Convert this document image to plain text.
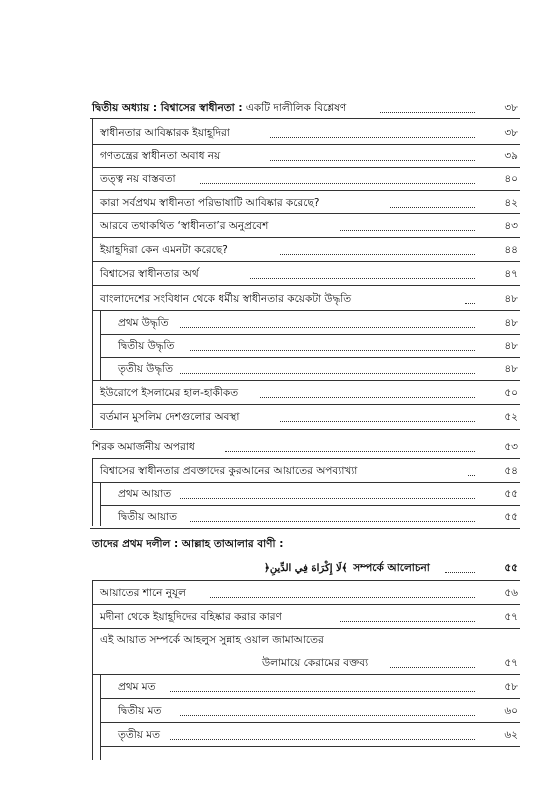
দ্বিতীয় অধ্যায় : বিশ্বাসের স্বাধীনতা : একটি দালীলিক বিশ্লেষণ	৩৮
স্বাধীনতার আবিষ্কারক ইয়াহূদিরা	৩৮
গণতন্ত্রের স্বাধীনতা অবাধ নয়	৩৯
তত্ত্ব নয় বাস্তবতা	৪০
কারা সর্বপ্রথম স্বাধীনতা পরিভাষাটি আবিষ্কার করেছে?	৪২
আরবে তথাকথিত ‘স্বাধীনতা’র অনুপ্রবেশ	৪৩
ইয়াহূদিরা কেন এমনটা করেছে?	৪৪
বিশ্বাসের স্বাধীনতার অর্থ	৪৭
বাংলাদেশের সংবিধান থেকে ধর্মীয় স্বাধীনতার কয়েকটা উদ্ধৃতি	৪৮
প্রথম উদ্ধৃতি	৪৮
দ্বিতীয় উদ্ধৃতি	৪৮
তৃতীয় উদ্ধৃতি	৪৮
ইউরোপে ইসলামের হাল-হাকীকত	৫০
বর্তমান মুসলিম দেশগুলোর অবস্থা	৫২
শিরক অমার্জনীয় অপরাধ	৫৩
বিশ্বাসের স্বাধীনতার প্রবক্তাদের কুরআনের আয়াতের অপব্যাখ্যা	৫৪
প্রথম আয়াত	৫৫
দ্বিতীয় আয়াত	৫৫
তাদের প্রথম দলীল : আল্লাহ তাআলার বাণী :
﴿لَا إِكْرَاهَ فِي الدِّينِ﴾ সম্পর্কে আলোচনা	৫৫
আয়াতের শানে নুযূল	৫৬
মদীনা থেকে ইয়াহূদিদের বহিষ্কার করার কারণ	৫৭
এই আয়াত সম্পর্কে আহলুস সুন্নাহ ওয়াল জামাআতের
উলামায়ে কেরামের বক্তব্য	৫৭
প্রথম মত	৫৮
দ্বিতীয় মত	৬০
তৃতীয় মত	৬২
